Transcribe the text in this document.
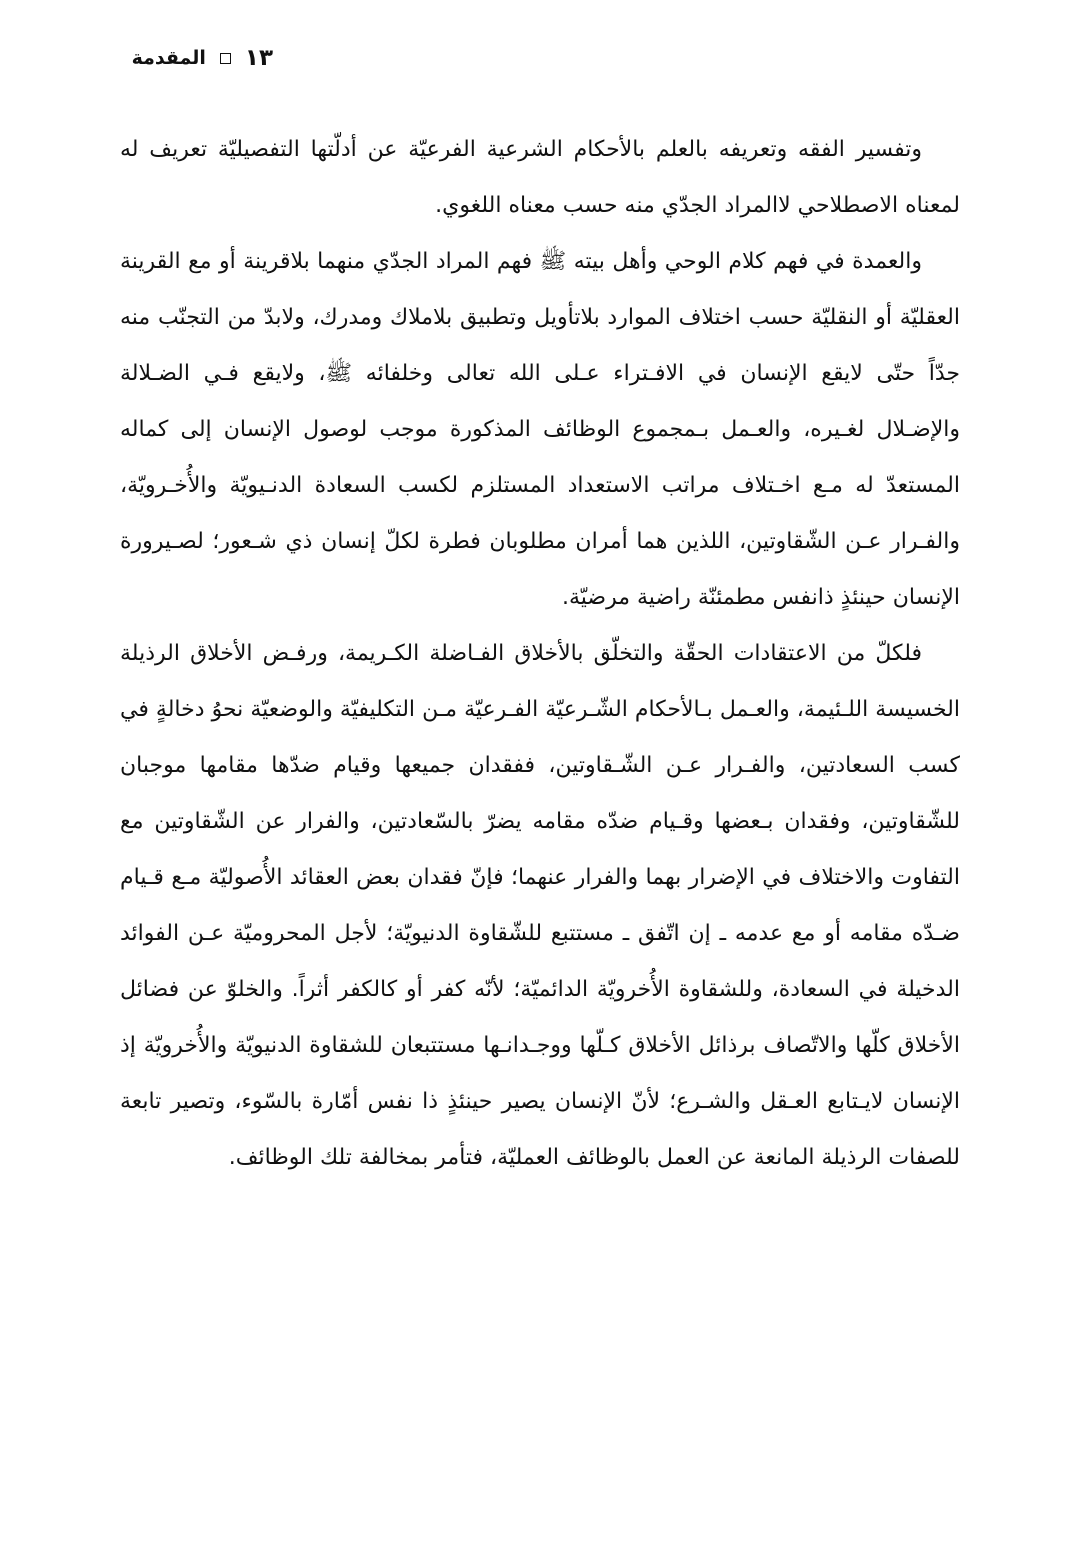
١٣
المقدمة

وتفسير الفقه وتعريفه بالعلم بالأحكام الشرعية الفرعيّة عن أدلّتها التفصيليّة تعريف له لمعناه الاصطلاحي لاالمراد الجدّي منه حسب معناه اللغوي.

والعمدة في فهم كلام الوحي وأهل بيته ﷺ فهم المراد الجدّي منهما بلاقرينة أو مع القرينة العقليّة أو النقليّة حسب اختلاف الموارد بلاتأويل وتطبيق بلاملاك ومدرك، ولابدّ من التجنّب منه جدّاً حتّى لايقع الإنسان في الافـتراء عـلى الله تعالى وخلفائه ﷺ، ولايقع فـي الضـلالة والإضـلال لغـيره، والعـمل بـمجموع الوظائف المذكورة موجب لوصول الإنسان إلى كماله المستعدّ له مـع اخـتلاف مراتب الاستعداد المستلزم لكسب السعادة الدنـيويّة والأُخـرويّة، والفـرار عـن الشّقاوتين، اللذين هما أمران مطلوبان فطرة لكلّ إنسان ذي شـعور؛ لصـيرورة الإنسان حينئذٍ ذانفس مطمئنّة راضية مرضيّة.

فلكلّ من الاعتقادات الحقّة والتخلّق بالأخلاق الفـاضلة الكـريمة، ورفـض الأخلاق الرذيلة الخسيسة اللـئيمة، والعـمل بـالأحكام الشّـرعيّة الفـرعيّة مـن التكليفيّة والوضعيّة نحوُ دخالةٍ في كسب السعادتين، والفـرار عـن الشّـقاوتين، ففقدان جميعها وقيام ضدّها مقامها موجبان للشّقاوتين، وفقدان بـعضها وقـيام ضدّه مقامه يضرّ بالسّعادتين، والفرار عن الشّقاوتين مع التفاوت والاختلاف في الإضرار بهما والفرار عنهما؛ فإنّ فقدان بعض العقائد الأُصوليّة مـع قـيام ضـدّه مقامه أو مع عدمه ـ إن اتّفق ـ مستتبع للشّقاوة الدنيويّة؛ لأجل المحروميّة عـن الفوائد الدخيلة في السعادة، وللشقاوة الأُخرويّة الدائميّة؛ لأنّه كفر أو كالكفر أثراً. والخلوّ عن فضائل الأخلاق كلّها والاتّصاف برذائل الأخلاق كـلّها ووجـدانـها مستتبعان للشقاوة الدنيويّة والأُخرويّة إذ الإنسان لايـتابع العـقل والشـرع؛ لأنّ الإنسان يصير حينئذٍ ذا نفس أمّارة بالسّوء، وتصير تابعة للصفات الرذيلة المانعة عن العمل بالوظائف العمليّة، فتأمر بمخالفة تلك الوظائف.
